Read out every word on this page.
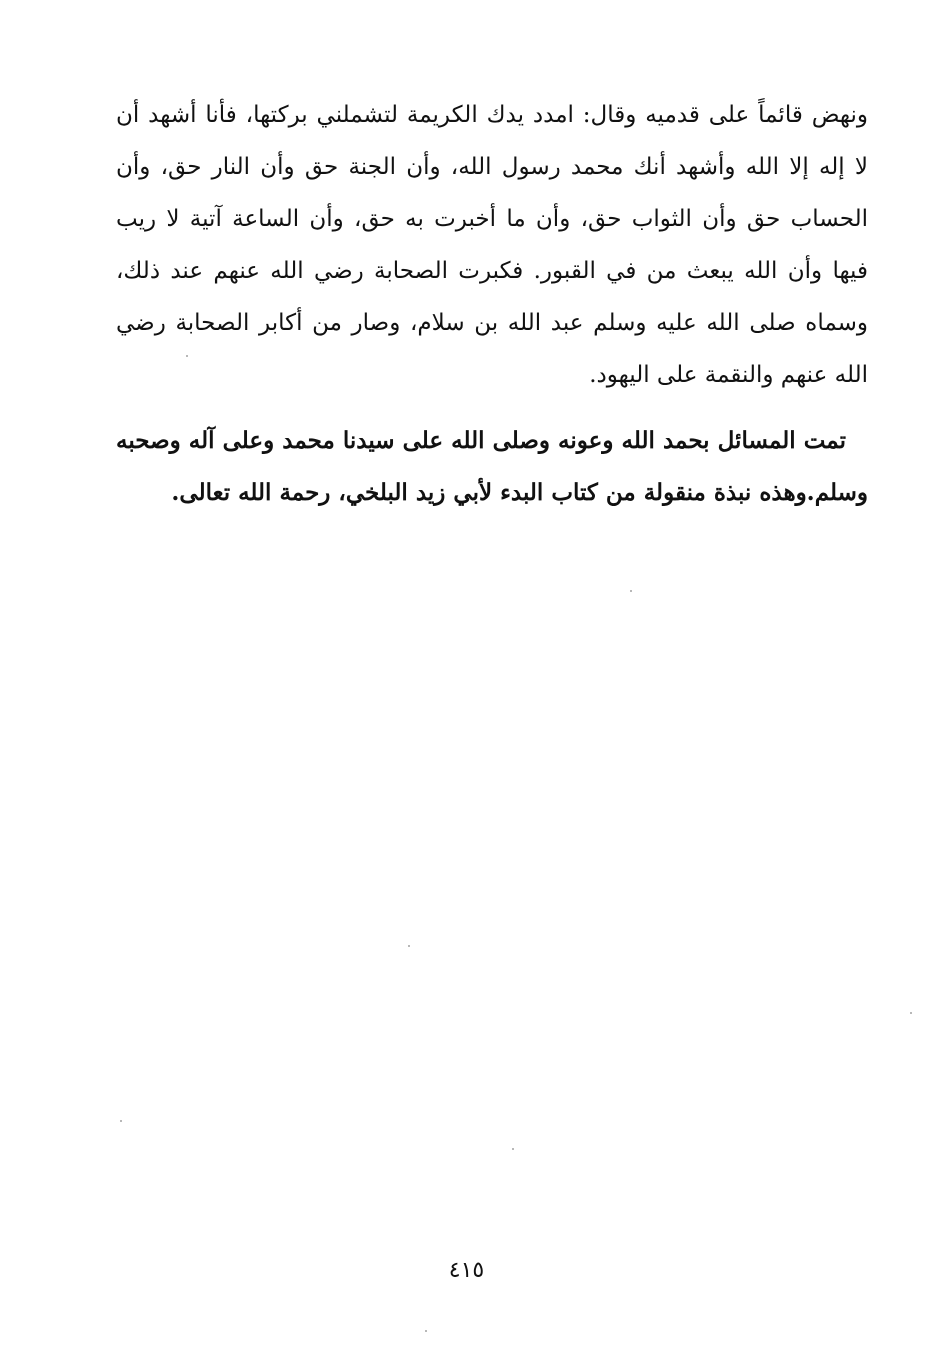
ونهض قائماً على قدميه وقال: امدد يدك الكريمة لتشملني بركتها، فأنا أشهد أن لا إله إلا الله وأشهد أنك محمد رسول الله، وأن الجنة حق وأن النار حق، وأن الحساب حق وأن الثواب حق، وأن ما أخبرت به حق، وأن الساعة آتية لا ريب فيها وأن الله يبعث من في القبور. فكبرت الصحابة رضي الله عنهم عند ذلك، وسماه صلى الله عليه وسلم عبد الله بن سلام، وصار من أكابر الصحابة رضي الله عنهم والنقمة على اليهود.

تمت المسائل بحمد الله وعونه وصلى الله على سيدنا محمد وعلى آله وصحبه وسلم.وهذه نبذة منقولة من كتاب البدء لأبي زيد البلخي، رحمة الله تعالى.

٤١٥
